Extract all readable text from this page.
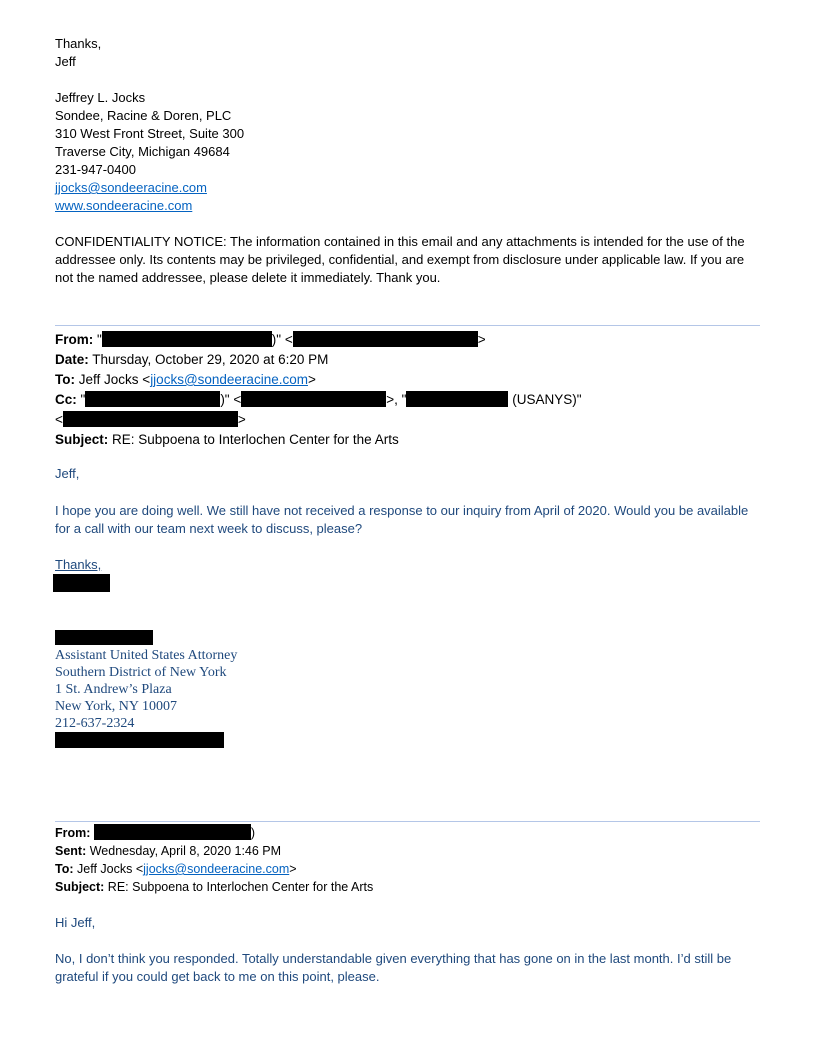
Thanks,
Jeff
Jeffrey L. Jocks
Sondee, Racine & Doren, PLC
310 West Front Street, Suite 300
Traverse City, Michigan 49684
231-947-0400
jjocks@sondeeracine.com
www.sondeeracine.com
CONFIDENTIALITY NOTICE: The information contained in this email and any attachments is intended for the use of the addressee only. Its contents may be privileged, confidential, and exempt from disclosure under applicable law. If you are not the named addressee, please delete it immediately. Thank you.
From: "	)" <	>
Date: Thursday, October 29, 2020 at 6:20 PM
To: Jeff Jocks <jjocks@sondeeracine.com>
Cc: "	)" <	>, "	(USANYS)"
<	>
Subject: RE: Subpoena to Interlochen Center for the Arts
Jeff,
I hope you are doing well. We still have not received a response to our inquiry from April of 2020. Would you be available for a call with our team next week to discuss, please?
Thanks,
Assistant United States Attorney
Southern District of New York
1 St. Andrew’s Plaza
New York, NY 10007
212-637-2324
From:	)
Sent: Wednesday, April 8, 2020 1:46 PM
To: Jeff Jocks <jjocks@sondeeracine.com>
Subject: RE: Subpoena to Interlochen Center for the Arts
Hi Jeff,
No, I don’t think you responded. Totally understandable given everything that has gone on in the last month. I’d still be grateful if you could get back to me on this point, please.
